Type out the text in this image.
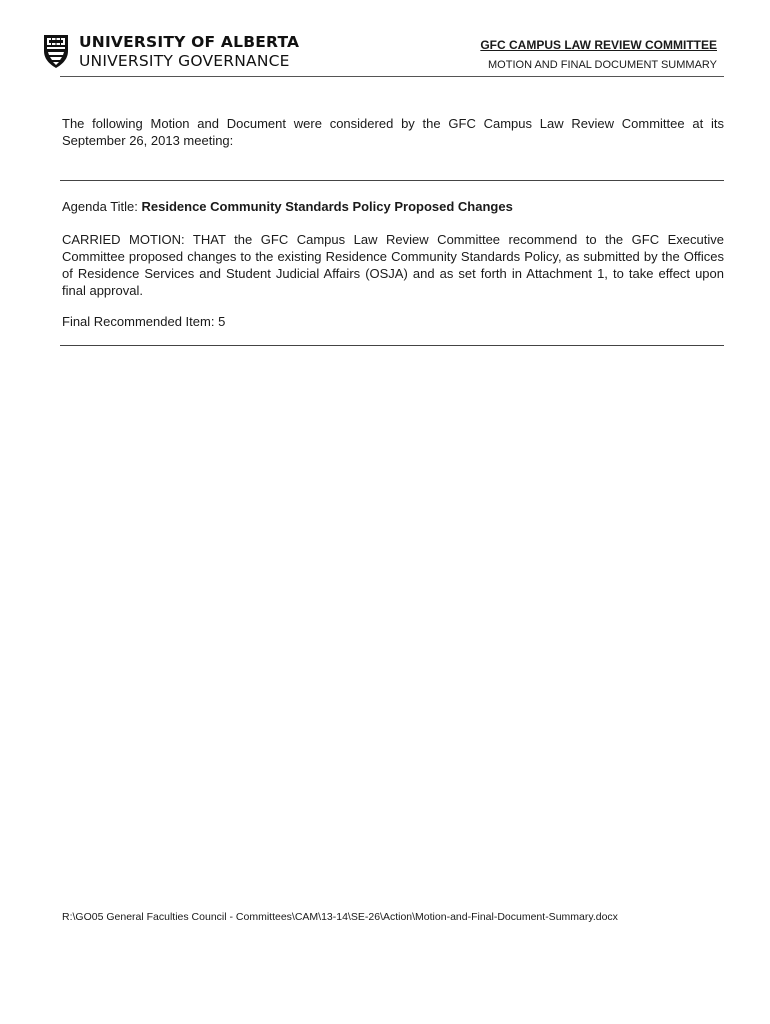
UNIVERSITY OF ALBERTA
UNIVERSITY GOVERNANCE
GFC CAMPUS LAW REVIEW COMMITTEE
MOTION AND FINAL DOCUMENT SUMMARY
The following Motion and Document were considered by the GFC Campus Law Review Committee at its September 26, 2013 meeting:
Agenda Title: Residence Community Standards Policy Proposed Changes
CARRIED MOTION: THAT the GFC Campus Law Review Committee recommend to the GFC Executive Committee proposed changes to the existing Residence Community Standards Policy, as submitted by the Offices of Residence Services and Student Judicial Affairs (OSJA) and as set forth in Attachment 1, to take effect upon final approval.
Final Recommended Item: 5
R:\GO05 General Faculties Council - Committees\CAM\13-14\SE-26\Action\Motion-and-Final-Document-Summary.docx
